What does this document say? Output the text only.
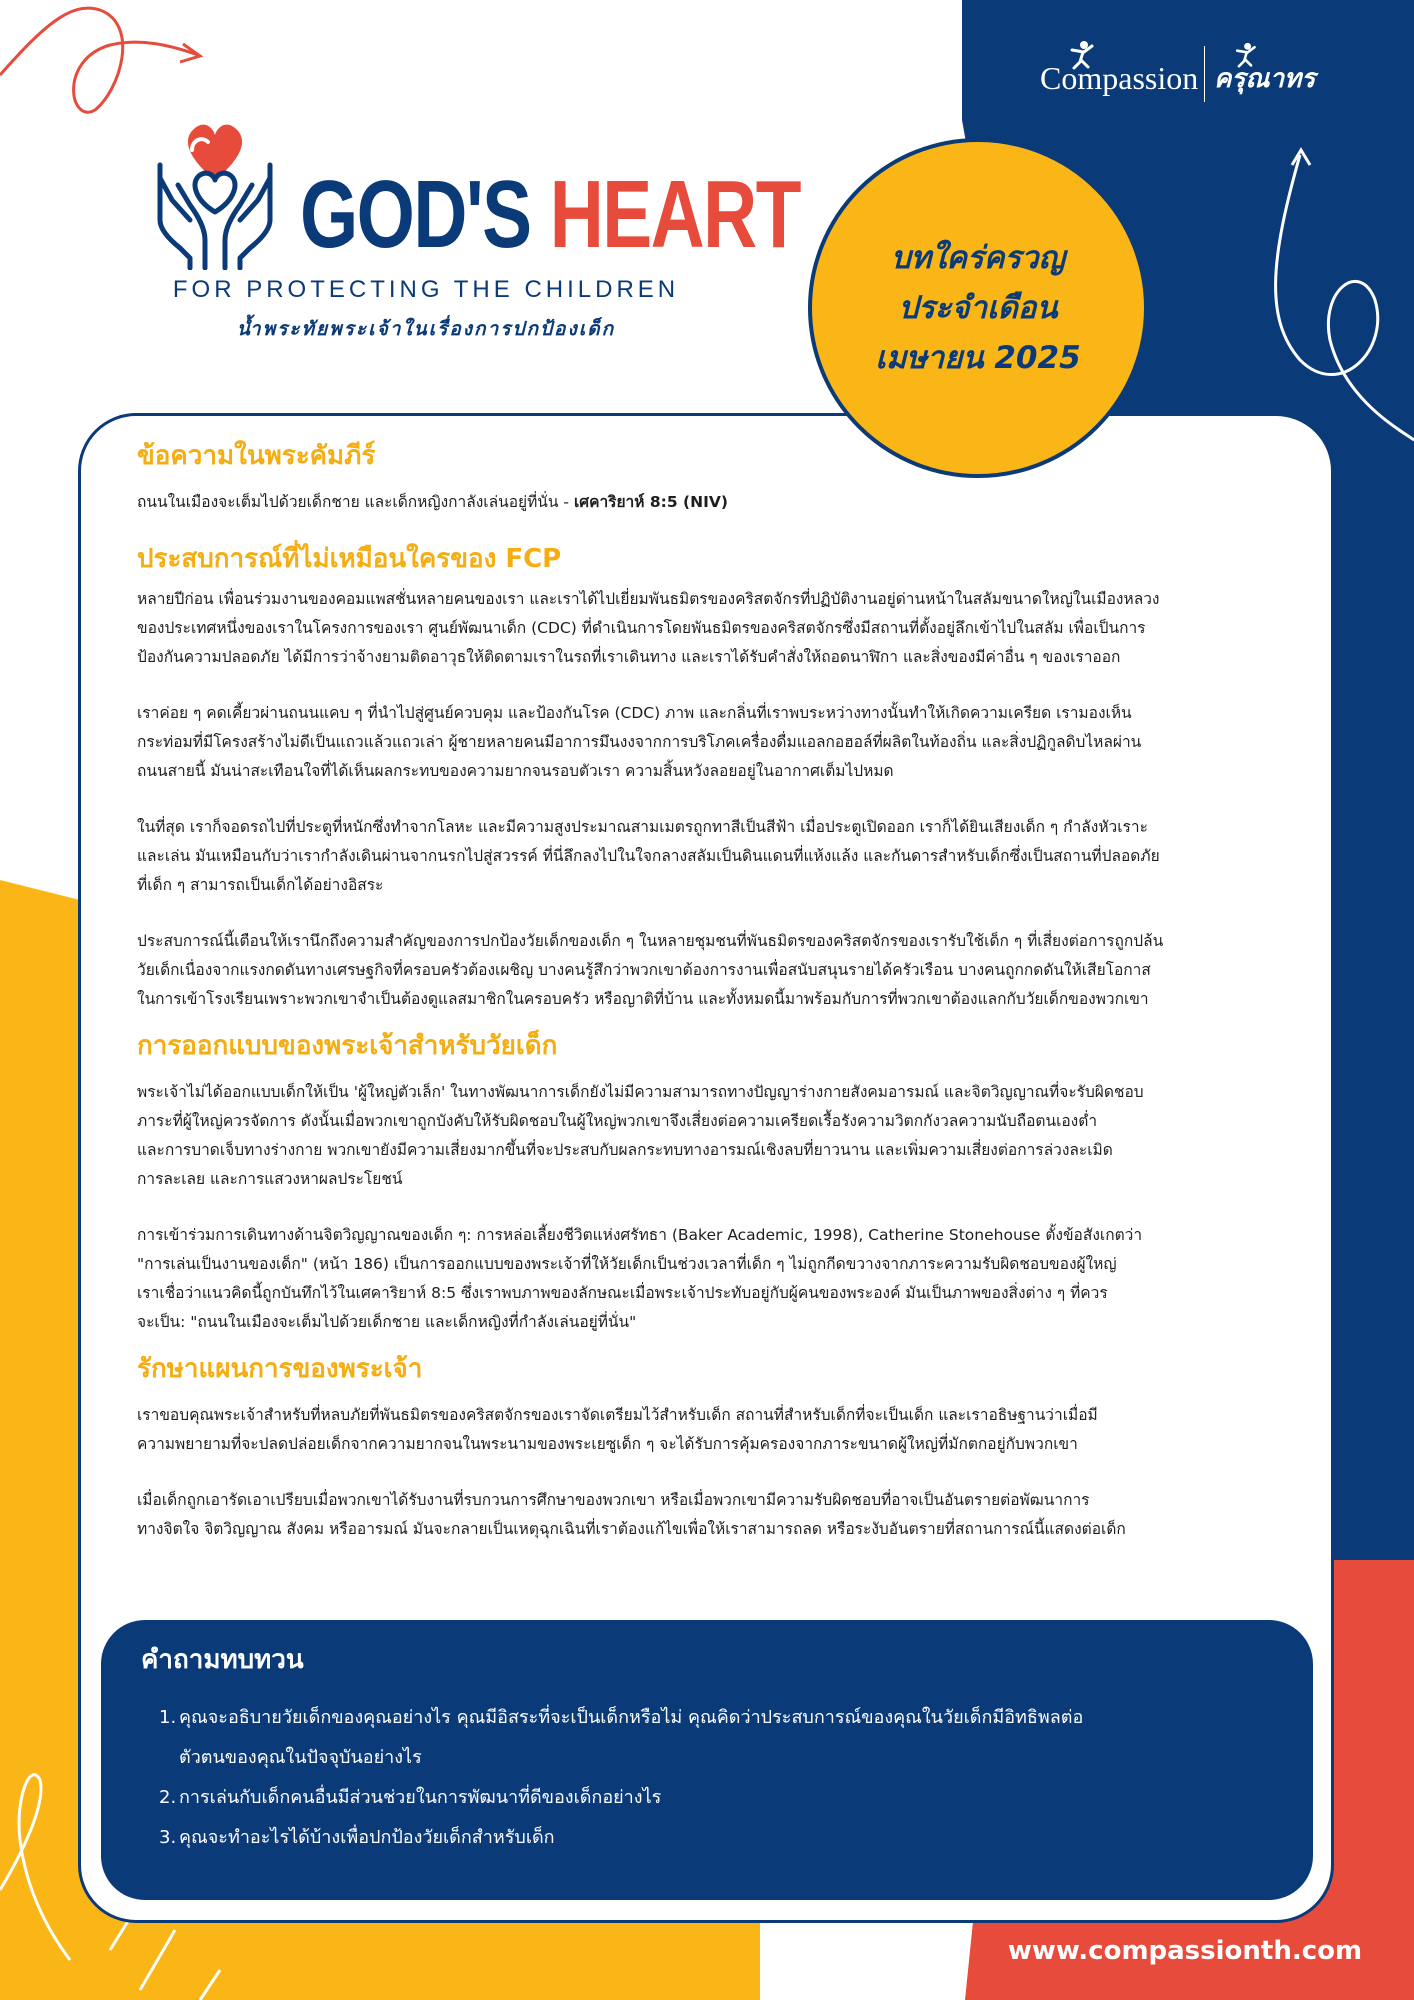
Compassion ครุณาทร
GOD'S HEART
FOR PROTECTING THE CHILDREN
น้ำพระทัยพระเจ้าในเรื่องการปกป้องเด็ก
บทใคร่ครวญ
ประจำเดือน
เมษายน 2025
ข้อความในพระคัมภีร์

ถนนในเมืองจะเต็มไปด้วยเด็กชาย และเด็กหญิงกาลังเล่นอยู่ที่นั่น - เศคาริยาห์ 8:5 (NIV)

ประสบการณ์ที่ไม่เหมือนใครของ FCP

หลายปีก่อน เพื่อนร่วมงานของคอมแพสชั่นหลายคนของเรา และเราได้ไปเยี่ยมพันธมิตรของคริสตจักรที่ปฏิบัติงานอยู่ด่านหน้าในสลัมขนาดใหญ่ในเมืองหลวง
ของประเทศหนึ่งของเราในโครงการของเรา ศูนย์พัฒนาเด็ก (CDC) ที่ดำเนินการโดยพันธมิตรของคริสตจักรซึ่งมีสถานที่ตั้งอยู่ลึกเข้าไปในสลัม เพื่อเป็นการ
ป้องกันความปลอดภัย ได้มีการว่าจ้างยามติดอาวุธให้ติดตามเราในรถที่เราเดินทาง และเราได้รับคำสั่งให้ถอดนาฬิกา และสิ่งของมีค่าอื่น ๆ ของเราออก

เราค่อย ๆ คดเคี้ยวผ่านถนนแคบ ๆ ที่นำไปสู่ศูนย์ควบคุม และป้องกันโรค (CDC) ภาพ และกลิ่นที่เราพบระหว่างทางนั้นทำให้เกิดความเครียด เรามองเห็น
กระท่อมที่มีโครงสร้างไม่ดีเป็นแถวแล้วแถวเล่า ผู้ชายหลายคนมีอาการมึนงงจากการบริโภคเครื่องดื่มแอลกอฮอล์ที่ผลิตในท้องถิ่น และสิ่งปฏิกูลดิบไหลผ่าน
ถนนสายนี้ มันน่าสะเทือนใจที่ได้เห็นผลกระทบของความยากจนรอบตัวเรา ความสิ้นหวังลอยอยู่ในอากาศเต็มไปหมด

ในที่สุด เราก็จอดรถไปที่ประตูที่หนักซึ่งทำจากโลหะ และมีความสูงประมาณสามเมตรถูกทาสีเป็นสีฟ้า เมื่อประตูเปิดออก เราก็ได้ยินเสียงเด็ก ๆ กำลังหัวเราะ
และเล่น มันเหมือนกับว่าเรากำลังเดินผ่านจากนรกไปสู่สวรรค์ ที่นี่ลึกลงไปในใจกลางสลัมเป็นดินแดนที่แห้งแล้ง และกันดารสำหรับเด็กซึ่งเป็นสถานที่ปลอดภัย
ที่เด็ก ๆ สามารถเป็นเด็กได้อย่างอิสระ

ประสบการณ์นี้เตือนให้เรานึกถึงความสำคัญของการปกป้องวัยเด็กของเด็ก ๆ ในหลายชุมชนที่พันธมิตรของคริสตจักรของเรารับใช้เด็ก ๆ ที่เสี่ยงต่อการถูกปล้น
วัยเด็กเนื่องจากแรงกดดันทางเศรษฐกิจที่ครอบครัวต้องเผชิญ บางคนรู้สึกว่าพวกเขาต้องการงานเพื่อสนับสนุนรายได้ครัวเรือน บางคนถูกกดดันให้เสียโอกาส
ในการเข้าโรงเรียนเพราะพวกเขาจำเป็นต้องดูแลสมาชิกในครอบครัว หรือญาติที่บ้าน และทั้งหมดนี้มาพร้อมกับการที่พวกเขาต้องแลกกับวัยเด็กของพวกเขา

การออกแบบของพระเจ้าสำหรับวัยเด็ก

พระเจ้าไม่ได้ออกแบบเด็กให้เป็น 'ผู้ใหญ่ตัวเล็ก' ในทางพัฒนาการเด็กยังไม่มีความสามารถทางปัญญาร่างกายสังคมอารมณ์ และจิตวิญญาณที่จะรับผิดชอบ
ภาระที่ผู้ใหญ่ควรจัดการ ดังนั้นเมื่อพวกเขาถูกบังคับให้รับผิดชอบในผู้ใหญ่พวกเขาจึงเสี่ยงต่อความเครียดเรื้อรังความวิตกกังวลความนับถือตนเองต่ำ
และการบาดเจ็บทางร่างกาย พวกเขายังมีความเสี่ยงมากขึ้นที่จะประสบกับผลกระทบทางอารมณ์เชิงลบที่ยาวนาน และเพิ่มความเสี่ยงต่อการล่วงละเมิด
การละเลย และการแสวงหาผลประโยชน์

การเข้าร่วมการเดินทางด้านจิตวิญญาณของเด็ก ๆ: การหล่อเลี้ยงชีวิตแห่งศรัทธา (Baker Academic, 1998), Catherine Stonehouse ตั้งข้อสังเกตว่า
"การเล่นเป็นงานของเด็ก" (หน้า 186) เป็นการออกแบบของพระเจ้าที่ให้วัยเด็กเป็นช่วงเวลาที่เด็ก ๆ ไม่ถูกกีดขวางจากภาระความรับผิดชอบของผู้ใหญ่
เราเชื่อว่าแนวคิดนี้ถูกบันทึกไว้ในเศคาริยาห์ 8:5 ซึ่งเราพบภาพของลักษณะเมื่อพระเจ้าประทับอยู่กับผู้คนของพระองค์ มันเป็นภาพของสิ่งต่าง ๆ ที่ควร
จะเป็น: "ถนนในเมืองจะเต็มไปด้วยเด็กชาย และเด็กหญิงที่กำลังเล่นอยู่ที่นั่น"

รักษาแผนการของพระเจ้า

เราขอบคุณพระเจ้าสำหรับที่หลบภัยที่พันธมิตรของคริสตจักรของเราจัดเตรียมไว้สำหรับเด็ก สถานที่สำหรับเด็กที่จะเป็นเด็ก และเราอธิษฐานว่าเมื่อมี
ความพยายามที่จะปลดปล่อยเด็กจากความยากจนในพระนามของพระเยซูเด็ก ๆ จะได้รับการคุ้มครองจากภาระขนาดผู้ใหญ่ที่มักตกอยู่กับพวกเขา

เมื่อเด็กถูกเอารัดเอาเปรียบเมื่อพวกเขาได้รับงานที่รบกวนการศึกษาของพวกเขา หรือเมื่อพวกเขามีความรับผิดชอบที่อาจเป็นอันตรายต่อพัฒนาการ
ทางจิตใจ จิตวิญญาณ สังคม หรืออารมณ์ มันจะกลายเป็นเหตุฉุกเฉินที่เราต้องแก้ไขเพื่อให้เราสามารถลด หรือระงับอันตรายที่สถานการณ์นี้แสดงต่อเด็ก

คำถามทบทวน
1. คุณจะอธิบายวัยเด็กของคุณอย่างไร คุณมีอิสระที่จะเป็นเด็กหรือไม่ คุณคิดว่าประสบการณ์ของคุณในวัยเด็กมีอิทธิพลต่อ
ตัวตนของคุณในปัจจุบันอย่างไร
2. การเล่นกับเด็กคนอื่นมีส่วนช่วยในการพัฒนาที่ดีของเด็กอย่างไร
3. คุณจะทำอะไรได้บ้างเพื่อปกป้องวัยเด็กสำหรับเด็ก
www.compassionth.com
